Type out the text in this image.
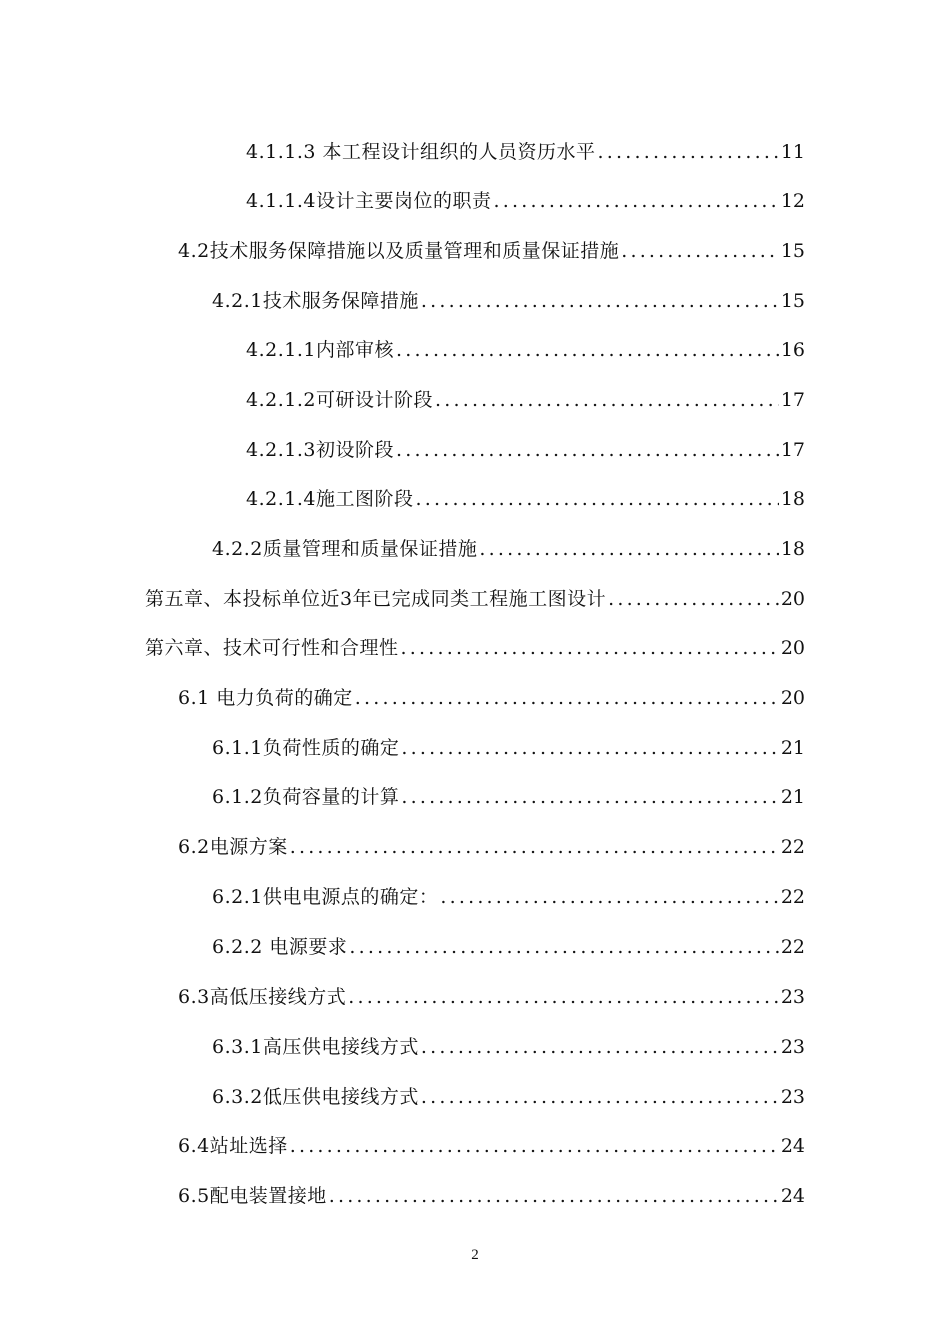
4.1.1.3 本工程设计组织的人员资历水平 .....	11
4.1.1.4设计主要岗位的职责 .....	12
4.2技术服务保障措施以及质量管理和质量保证措施 .....	15
4.2.1技术服务保障措施 .....	15
4.2.1.1内部审核 .....	16
4.2.1.2可研设计阶段 .....	17
4.2.1.3初设阶段 .....	17
4.2.1.4施工图阶段 .....	18
4.2.2质量管理和质量保证措施 .....	18
第五章、本投标单位近3年已完成同类工程施工图设计 .....	20
第六章、技术可行性和合理性 .....	20
6.1 电力负荷的确定 .....	20
6.1.1负荷性质的确定 .....	21
6.1.2负荷容量的计算 .....	21
6.2电源方案 .....	22
6.2.1供电电源点的确定： .....	22
6.2.2 电源要求 .....	22
6.3高低压接线方式 .....	23
6.3.1高压供电接线方式 .....	23
6.3.2低压供电接线方式 .....	23
6.4站址选择 .....	24
6.5配电装置接地 .....	24
2
